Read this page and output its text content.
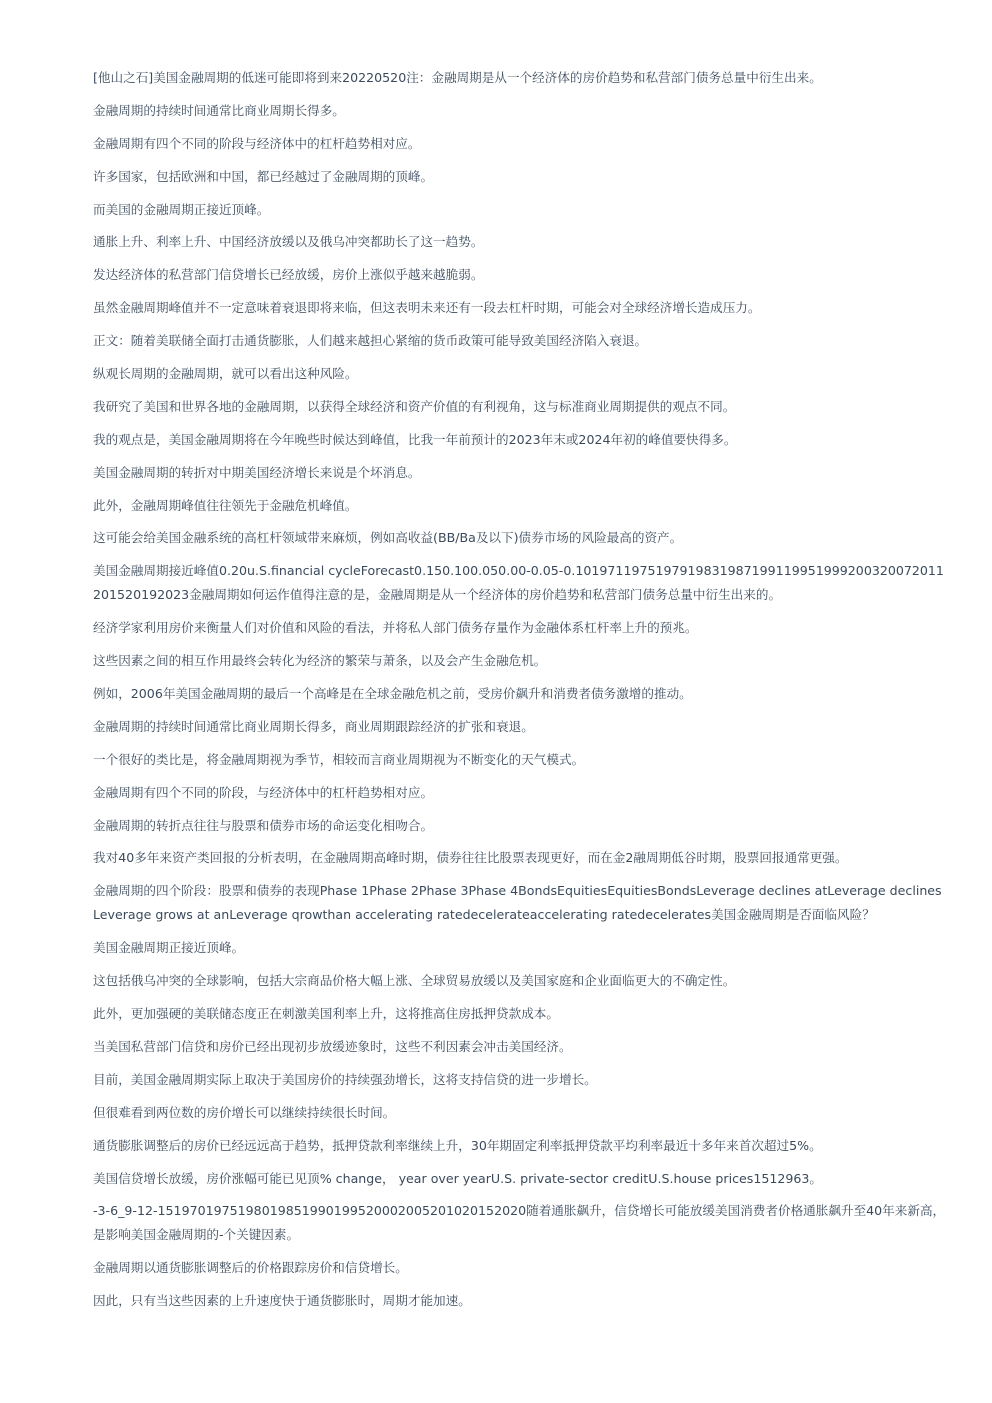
[他山之石]美国金融周期的低迷可能即将到来20220520注：金融周期是从一个经济体的房价趋势和私营部门债务总量中衍生出来。

金融周期的持续时间通常比商业周期长得多。

金融周期有四个不同的阶段与经济体中的杠杆趋势相对应。

许多国家，包括欧洲和中国，都已经越过了金融周期的顶峰。

而美国的金融周期正接近顶峰。

通胀上升、利率上升、中国经济放缓以及俄乌冲突都助长了这一趋势。

发达经济体的私营部门信贷增长已经放缓，房价上涨似乎越来越脆弱。

虽然金融周期峰值并不一定意味着衰退即将来临，但这表明未来还有一段去杠杆时期，可能会对全球经济增长造成压力。

正文：随着美联储全面打击通货膨胀，人们越来越担心紧缩的货币政策可能导致美国经济陷入衰退。

纵观长周期的金融周期，就可以看出这种风险。

我研究了美国和世界各地的金融周期，以获得全球经济和资产价值的有利视角，这与标准商业周期提供的观点不同。

我的观点是，美国金融周期将在今年晚些时候达到峰值，比我一年前预计的2023年末或2024年初的峰值要快得多。

美国金融周期的转折对中期美国经济增长来说是个坏消息。

此外，金融周期峰值往往领先于金融危机峰值。

这可能会给美国金融系统的高杠杆领域带来麻烦，例如高收益(BB/Ba及以下)债券市场的风险最高的资产。

美国金融周期接近峰值0.20u.S.financial cycleForecast0.150.100.050.00-0.05-0.1019711975197919831987199119951999200320072011201520192023金融周期如何运作值得注意的是，金融周期是从一个经济体的房价趋势和私营部门债务总量中衍生出来的。

经济学家利用房价来衡量人们对价值和风险的看法，并将私人部门债务存量作为金融体系杠杆率上升的预兆。

这些因素之间的相互作用最终会转化为经济的繁荣与萧条，以及会产生金融危机。

例如，2006年美国金融周期的最后一个高峰是在全球金融危机之前，受房价飙升和消费者债务激增的推动。

金融周期的持续时间通常比商业周期长得多，商业周期跟踪经济的扩张和衰退。

一个很好的类比是，将金融周期视为季节，相较而言商业周期视为不断变化的天气模式。

金融周期有四个不同的阶段，与经济体中的杠杆趋势相对应。

金融周期的转折点往往与股票和债券市场的命运变化相吻合。

我对40多年来资产类回报的分析表明，在金融周期高峰时期，债券往往比股票表现更好，而在金2融周期低谷时期，股票回报通常更强。

金融周期的四个阶段：股票和债券的表现Phase 1Phase 2Phase 3Phase 4BondsEquitiesEquitiesBondsLeverage declines atLeverage declinesLeverage grows at anLeverage qrowthan accelerating ratedeceleratеaccelerating ratedecelerates美国金融周期是否面临风险？

美国金融周期正接近顶峰。

这包括俄乌冲突的全球影响，包括大宗商品价格大幅上涨、全球贸易放缓以及美国家庭和企业面临更大的不确定性。

此外，更加强硬的美联储态度正在刺激美国利率上升，这将推高住房抵押贷款成本。

当美国私营部门信贷和房价已经出现初步放缓迹象时，这些不利因素会冲击美国经济。

目前，美国金融周期实际上取决于美国房价的持续强劲增长，这将支持信贷的进一步增长。

但很难看到两位数的房价增长可以继续持续很长时间。

通货膨胀调整后的房价已经远远高于趋势，抵押贷款利率继续上升，30年期固定利率抵押贷款平均利率最近十多年来首次超过5%。

美国信贷增长放缓，房价涨幅可能已见顶% change， year over yearU.S. private-sector creditU.S.house prices1512963。

-3-6_9-12-1519701975198019851990199520002005201020152020随着通胀飙升，信贷增长可能放缓美国消费者价格通胀飙升至40年来新高，是影响美国金融周期的-个关键因素。

金融周期以通货膨胀调整后的价格跟踪房价和信贷增长。

因此，只有当这些因素的上升速度快于通货膨胀时，周期才能加速。
